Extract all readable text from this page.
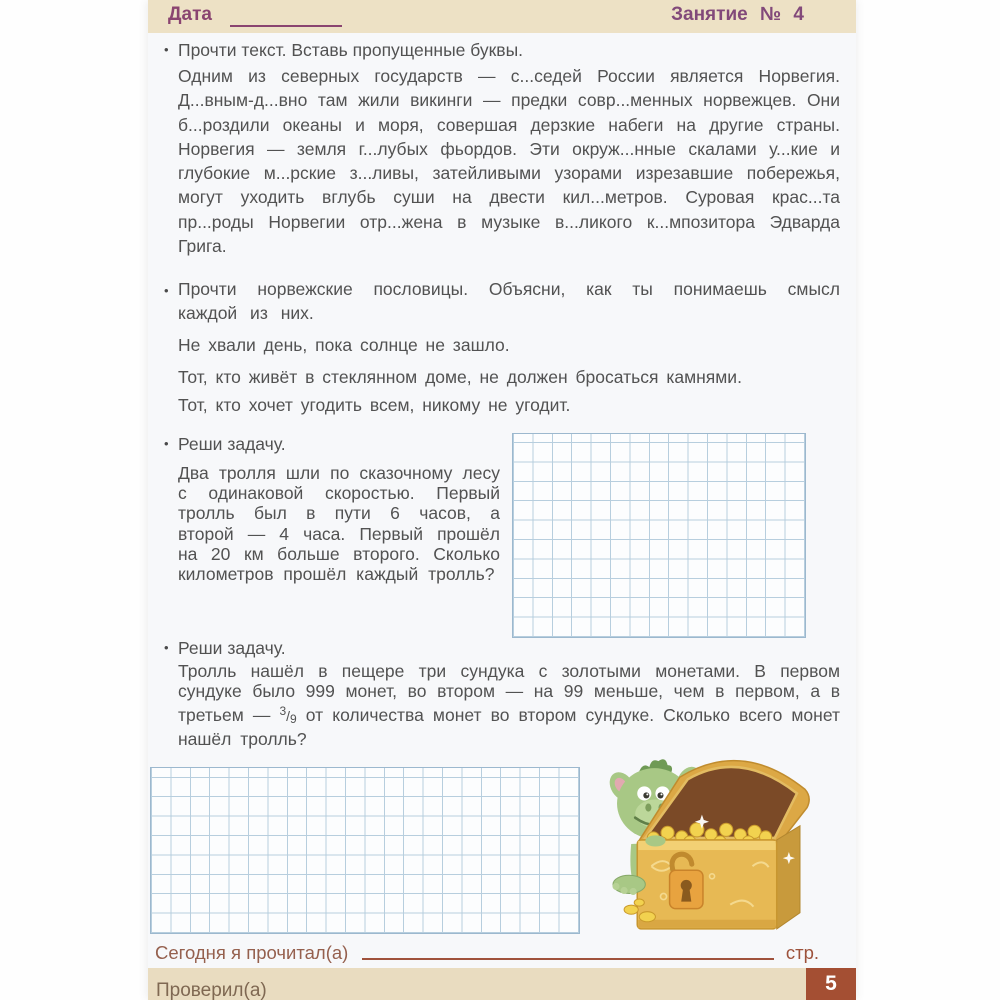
Дата	Занятие № 4
• Прочти текст. Вставь пропущенные буквы.
Одним из северных государств — с...седей России является Норвегия. Д...вным-д...вно там жили викинги — предки совр...менных норвежцев. Они б...роздили океаны и моря, совершая дерзкие набеги на другие страны. Норвегия — земля г...лубых фьордов. Эти окруж...нные скалами у...кие и глубокие м...рские з...ливы, затейливыми узорами изрезавшие побережья, могут уходить вглубь суши на двести кил...метров. Суровая крас...та пр...роды Норвегии отр...жена в музыке в...ликого к...мпозитора Эдварда Грига.
• Прочти норвежские пословицы. Объясни, как ты понимаешь смысл каждой из них.
Не хвали день, пока солнце не зашло.
Тот, кто живёт в стеклянном доме, не должен бросаться камнями.
Тот, кто хочет угодить всем, никому не угодит.
• Реши задачу.
Два тролля шли по сказочному лесу с одинаковой скоростью. Первый тролль был в пути 6 часов, а второй — 4 часа. Первый прошёл на 20 км больше второго. Сколько километров прошёл каждый тролль?
• Реши задачу.
Тролль нашёл в пещере три сундука с золотыми монетами. В первом сундуке было 999 монет, во втором — на 99 меньше, чем в первом, а в третьем — $^3$/9 от количества монет во втором сундуке. Сколько всего монет нашёл тролль?
Сегодня я прочитал(а)	стр.
Проверил(а)	5
